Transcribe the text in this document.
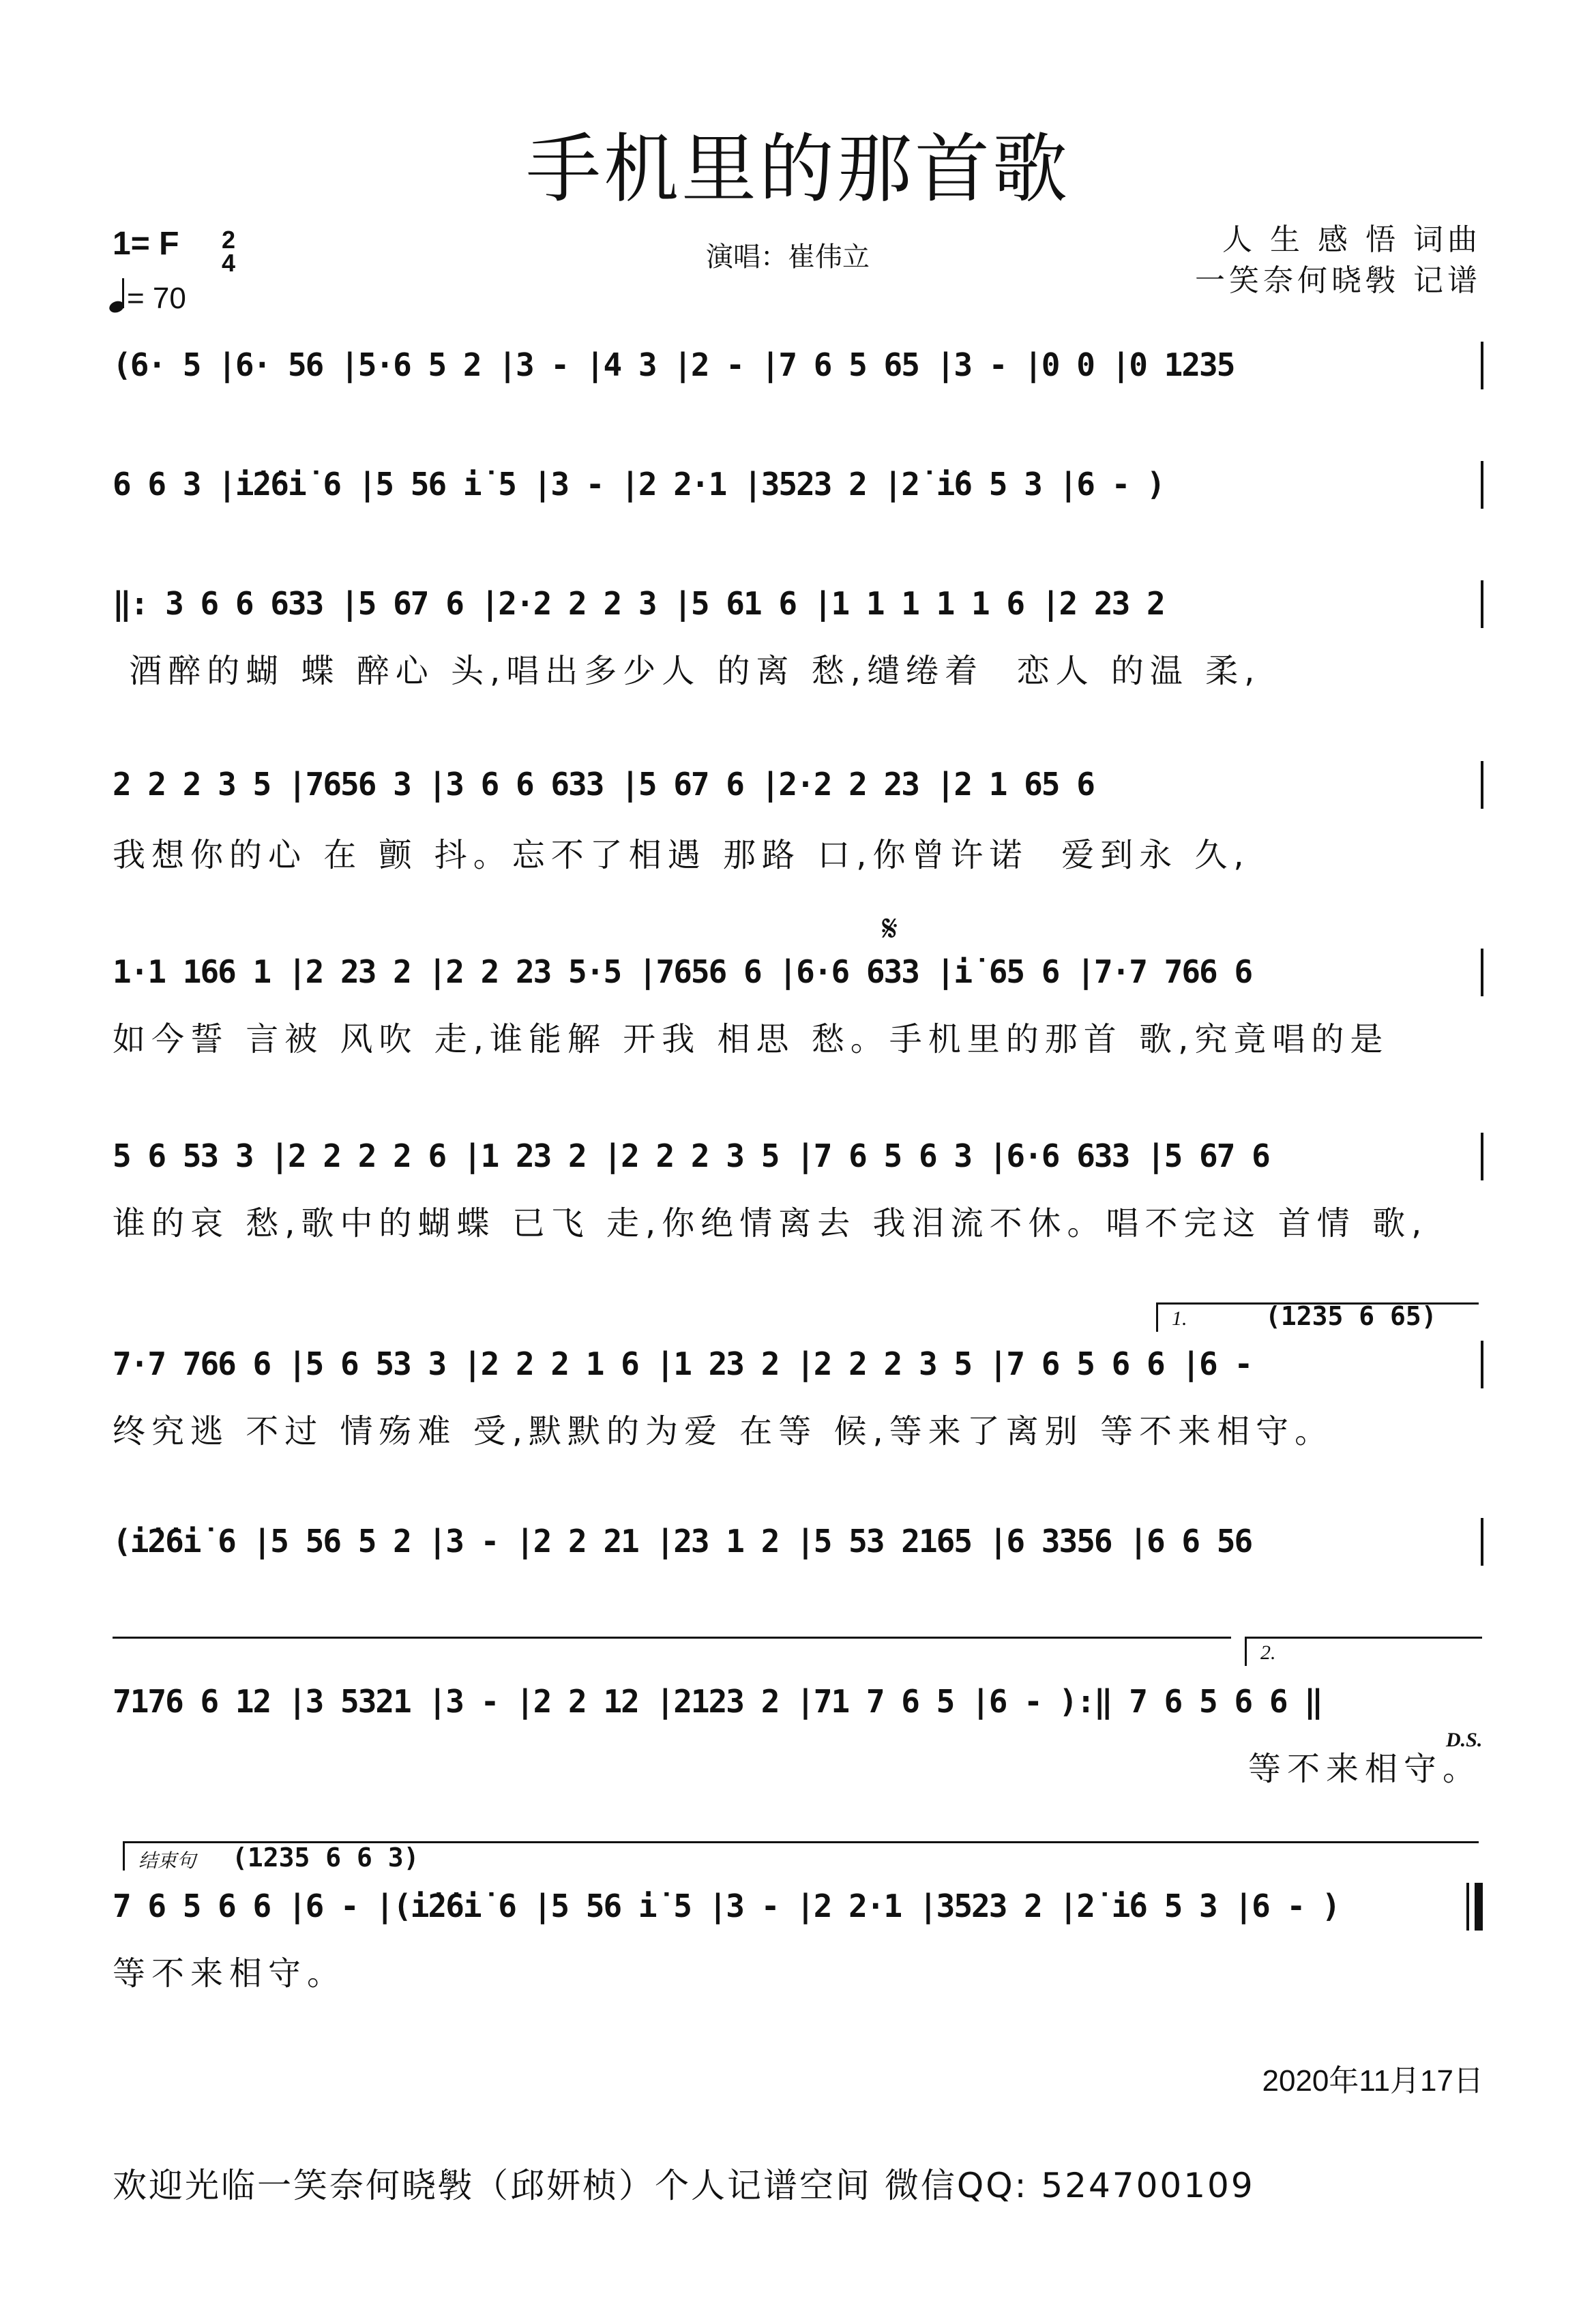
手机里的那首歌
1= F 2
4
= 70
演唱：崔伟立	人 生 感 悟 词曲
一笑奈何晓斅 记谱
(6· 5 |6· 56 |5·6 5 2 |3 - |4 3 |2 - |7 6 5 65 |3 - |0 0 |0 1235
6 6 3 |i̇2̇6i̇ 6 |5 56 i̇ 5 |3 - |2 2·1 |3523 2 |2̇ i̇6 5 3 |6 - )
‖: 3 6 6 633 |5 67 6 |2·2 2 2 3 |5 61 6 |1 1 1 1 1 6 |2 23 2
酒醉的蝴 蝶 醉心 头,唱出多少人 的离 愁,缱绻着  恋人 的温 柔,
2 2 2 3 5 |7656 3 |3 6 6 633 |5 67 6 |2·2 2 23 |2 1 65 6
我想你的心 在 颤 抖。忘不了相遇 那路 口,你曾许诺  爱到永 久,
𝄋
1·1 166 1 |2 23 2 |2 2 23 5·5 |7656 6 |6·6 633 |i̇ 65 6 |7·7 766 6
如今誓 言被 风吹 走,谁能解 开我 相思 愁。手机里的那首 歌,究竟唱的是
5 6 53 3 |2 2 2 2 6 |1 23 2 |2 2 2 3 5 |7 6 5 6 3 |6·6 633 |5 67 6
谁的哀 愁,歌中的蝴蝶 已飞 走,你绝情离去 我泪流不休。唱不完这 首情 歌,
1.	(1235 6 65)
7·7 766 6 |5 6 53 3 |2 2 2 1 6 |1 23 2 |2 2 2 3 5 |7 6 5 6 6 |6 -
终究逃 不过 情殇难 受,默默的为爱 在等 候,等来了离别 等不来相守。
(i̇2̇6i̇ 6 |5 56 5 2 |3 - |2 2 21 |23 1 2 |5 53 2165 |6 3356 |6 6 56
2.
7176 6 12 |3 5321 |3 - |2 2 12 |2123 2 |71 7 6 5 |6 - ):‖ 7 6 5 6 6 ‖
等不来相守。
D.S.
结束句 (1235 6 6 3)
7 6 5 6 6 |6 - |(i̇2̇6i̇ 6 |5 56 i̇ 5 |3 - |2 2·1 |3523 2 |2̇ i̇6 5 3 |6 - )
等不来相守。
2020年11月17日
欢迎光临一笑奈何晓斅（邱妍桢）个人记谱空间 微信QQ: 524700109
